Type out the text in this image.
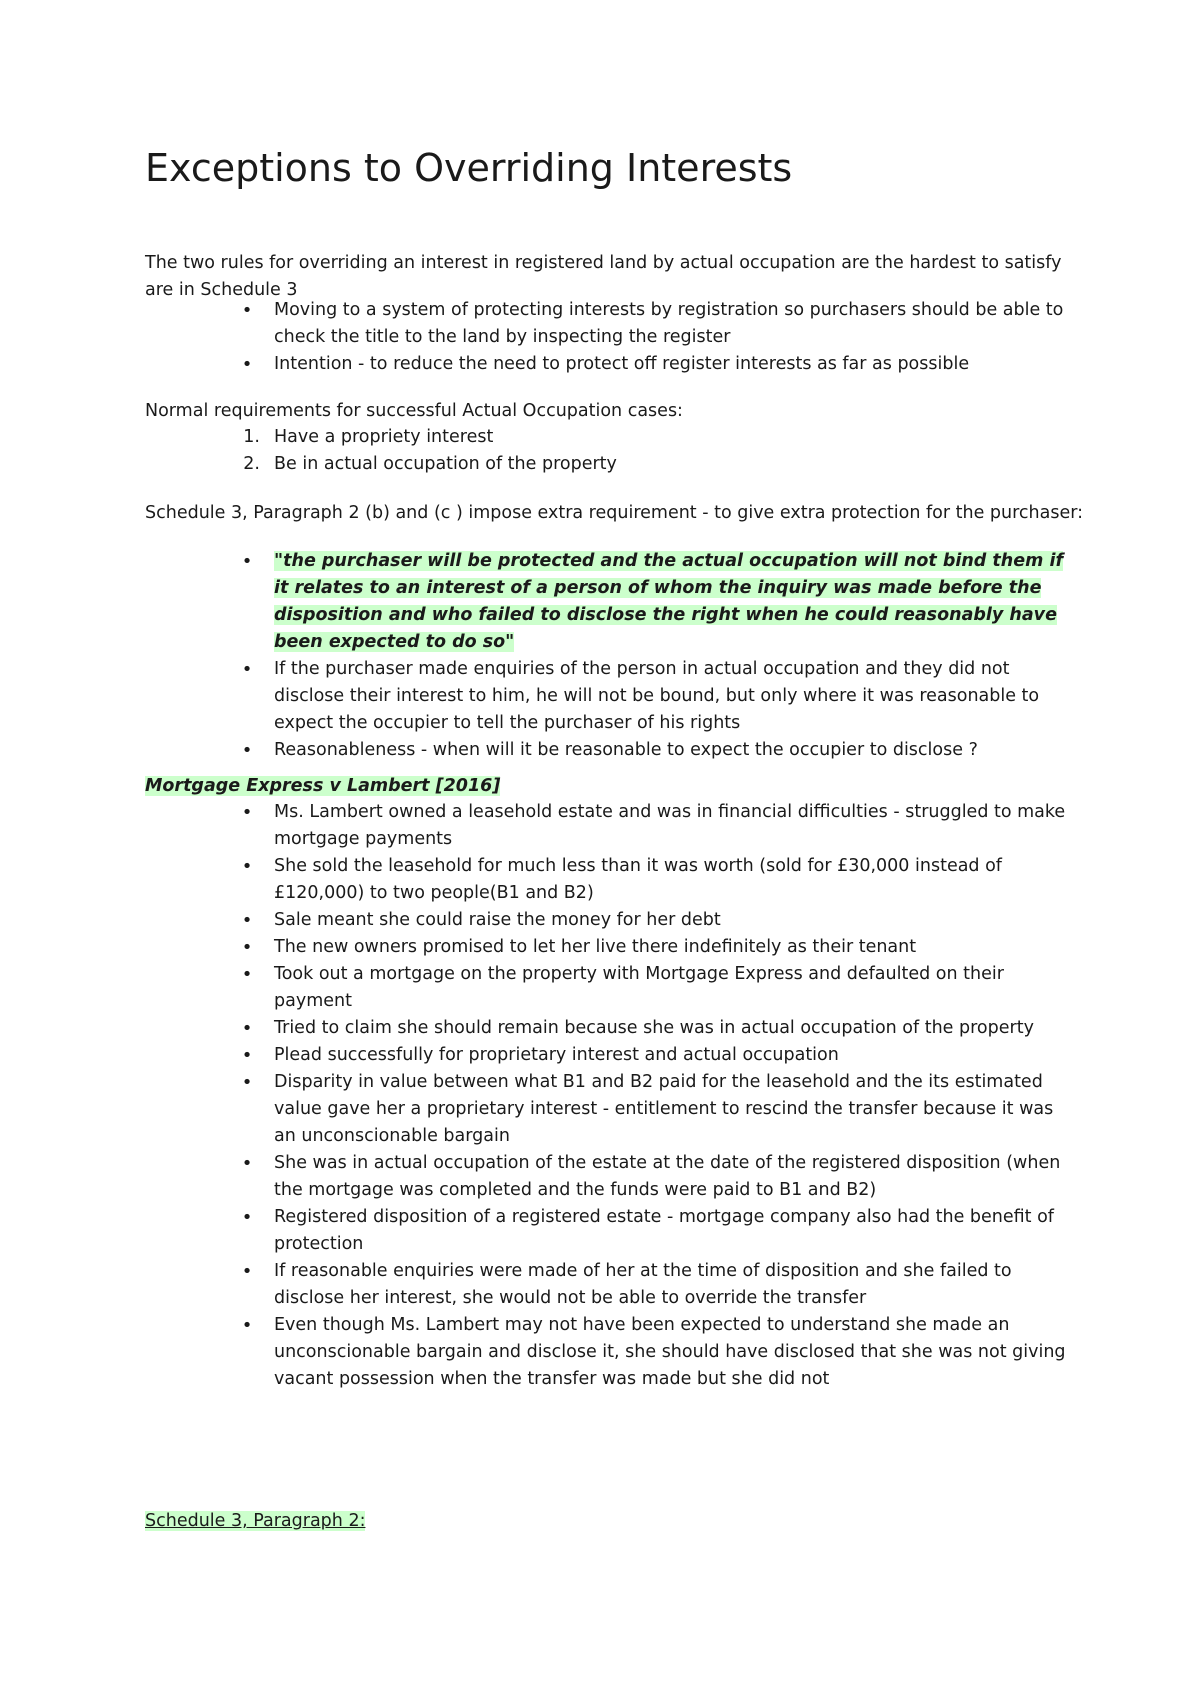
Exceptions to Overriding Interests

The two rules for overriding an interest in registered land by actual occupation are the hardest to satisfy are in Schedule 3

• Moving to a system of protecting interests by registration so purchasers should be able to check the title to the land by inspecting the register
• Intention - to reduce the need to protect off register interests as far as possible

Normal requirements for successful Actual Occupation cases:

1. Have a propriety interest
2. Be in actual occupation of the property

Schedule 3, Paragraph 2 (b) and (c ) impose extra requirement - to give extra protection for the purchaser:

• "the purchaser will be protected and the actual occupation will not bind them if it relates to an interest of a person of whom the inquiry was made before the disposition and who failed to disclose the right when he could reasonably have been expected to do so"
• If the purchaser made enquiries of the person in actual occupation and they did not disclose their interest to him, he will not be bound, but only where it was reasonable to expect the occupier to tell the purchaser of his rights
• Reasonableness - when will it be reasonable to expect the occupier to disclose ?

Mortgage Express v Lambert [2016]

• Ms. Lambert owned a leasehold estate and was in financial difficulties - struggled to make mortgage payments
• She sold the leasehold for much less than it was worth (sold for £30,000 instead of £120,000) to two people(B1 and B2)
• Sale meant she could raise the money for her debt
• The new owners promised to let her live there indefinitely as their tenant
• Took out a mortgage on the property with Mortgage Express and defaulted on their payment
• Tried to claim she should remain because she was in actual occupation of the property
• Plead successfully for proprietary interest and actual occupation
• Disparity in value between what B1 and B2 paid for the leasehold and the its estimated value gave her a proprietary interest - entitlement to rescind the transfer because it was an unconscionable bargain
• She was in actual occupation of the estate at the date of the registered disposition (when the mortgage was completed and the funds were paid to B1 and B2)
• Registered disposition of a registered estate - mortgage company also had the benefit of protection
• If reasonable enquiries were made of her at the time of disposition and she failed to disclose her interest, she would not be able to override the transfer
• Even though Ms. Lambert may not have been expected to understand she made an unconscionable bargain and disclose it, she should have disclosed that she was not giving vacant possession when the transfer was made but she did not

Schedule 3, Paragraph 2:
